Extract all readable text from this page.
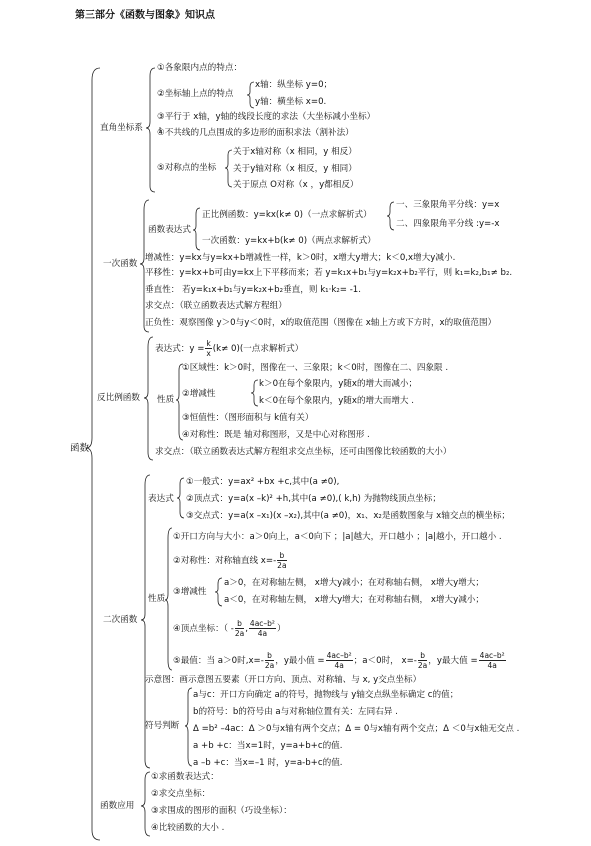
第三部分《函数与图象》知识点
函数
直角坐标系
①各象限内点的特点：
②坐标轴上点的特点
x轴：纵坐标 y=0；
y轴：横坐标 x=0.
③平行于 x轴，y轴的线段长度的求法（大坐标减小坐标）
④不共线的几点围成的多边形的面积求法（割补法）
⑤对称点的坐标
关于x轴对称（x 相同，y 相反）
关于y轴对称（x 相反，y 相同）
关于原点 O对称（x ，y都相反）
一次函数
函数表达式
正比例函数：y=kx(k≠ 0)（一点求解析式）
一、三象限角平分线：y=x
二、四象限角平分线 :y=-x
一次函数：y=kx+b(k≠ 0)（两点求解析式）
增减性：y=kx与y=kx+b增减性一样，k＞0时，x增大y增大；k＜0,x增大y减小.
平移性：y=kx+b可由y=kx上下平移而来；若 y=k₁x+b₁与y=k₂x+b₂平行，则 k₁=k₂,b₁≠ b₂.
垂直性： 若y=k₁x+b₁与y=k₂x+b₂垂直，则 k₁·k₂= -1.
求交点：（联立函数表达式解方程组）
正负性：观察图像 y＞0与y＜0时，x的取值范围（图像在 x轴上方或下方时，x的取值范围）
反比例函数
表达式：$y = \frac{k}{x} (k\ne 0)$(一点求解析式）
性质
①区域性：k＞0时，图像在一、三象限；k＜0时，图像在二、四象限 .
②增减性
k＞0在每个象限内，y随x的增大而减小；
k＜0在每个象限内，y随x的增大而增大 .
③恒值性：（图形面积与 k值有关）
④对称性：既是 轴对称图形，又是中心对称图形 .
求交点：（联立函数表达式解方程组求交点坐标，还可由图像比较函数的大小）
二次函数
表达式
①一般式：y=ax² +bx +c,其中(a ≠0),
②顶点式：y=a(x –k)² +h,其中(a ≠0),( k,h) 为抛物线顶点坐标；
③交点式：y=a(x –x₁)(x –x₂),其中(a ≠0)，x₁、x₂是函数图象与 x轴交点的横坐标；
性质
①开口方向与大小：a＞0向上，a＜0向下 ；|a|越大，开口越小 ；|a|越小，开口越小 .
②对称性：对称轴直线 $x=- \frac{b}{2a}$
③增减性
a＞0，在对称轴左侧， x增大y减小；在对称轴右侧， x增大y增大；
a＜0，在对称轴左侧， x增大y增大；在对称轴右侧， x增大y减小；
④顶点坐标：（ - $\frac{b}{2a}$ , $\frac{\text{4ac–b²}}{4a}$ ）
⑤最值：当 a＞0时$,x=- \frac{b}{2a}$ ，y最小值 = $\frac{\text{4ac–b²}}{4a}$ ；a＜0时， $x=- \frac{b}{2a}$ ，y最大值 = $\frac{\text{4ac–b²}}{4a}$
示意图：画示意图五要素（开口方向、顶点、对称轴、与 x, y交点坐标）
符号判断
a与c：开口方向确定 a的符号，抛物线与 y轴交点纵坐标确定 c的值；
b的符号：b的符号由 a与对称轴位置有关：左同右异 .
Δ =b² –4ac：Δ ＞0与x轴有两个交点；Δ = 0与x轴有两个交点；Δ ＜0与x轴无交点 .
a +b +c：当x=1时，y=a+b+c的值.
a –b +c：当x=–1 时，y=a-b+c的值.
函数应用
①求函数表达式：
②求交点坐标：
③求围成的图形的面积（巧设坐标）：
④比较函数的大小 .
